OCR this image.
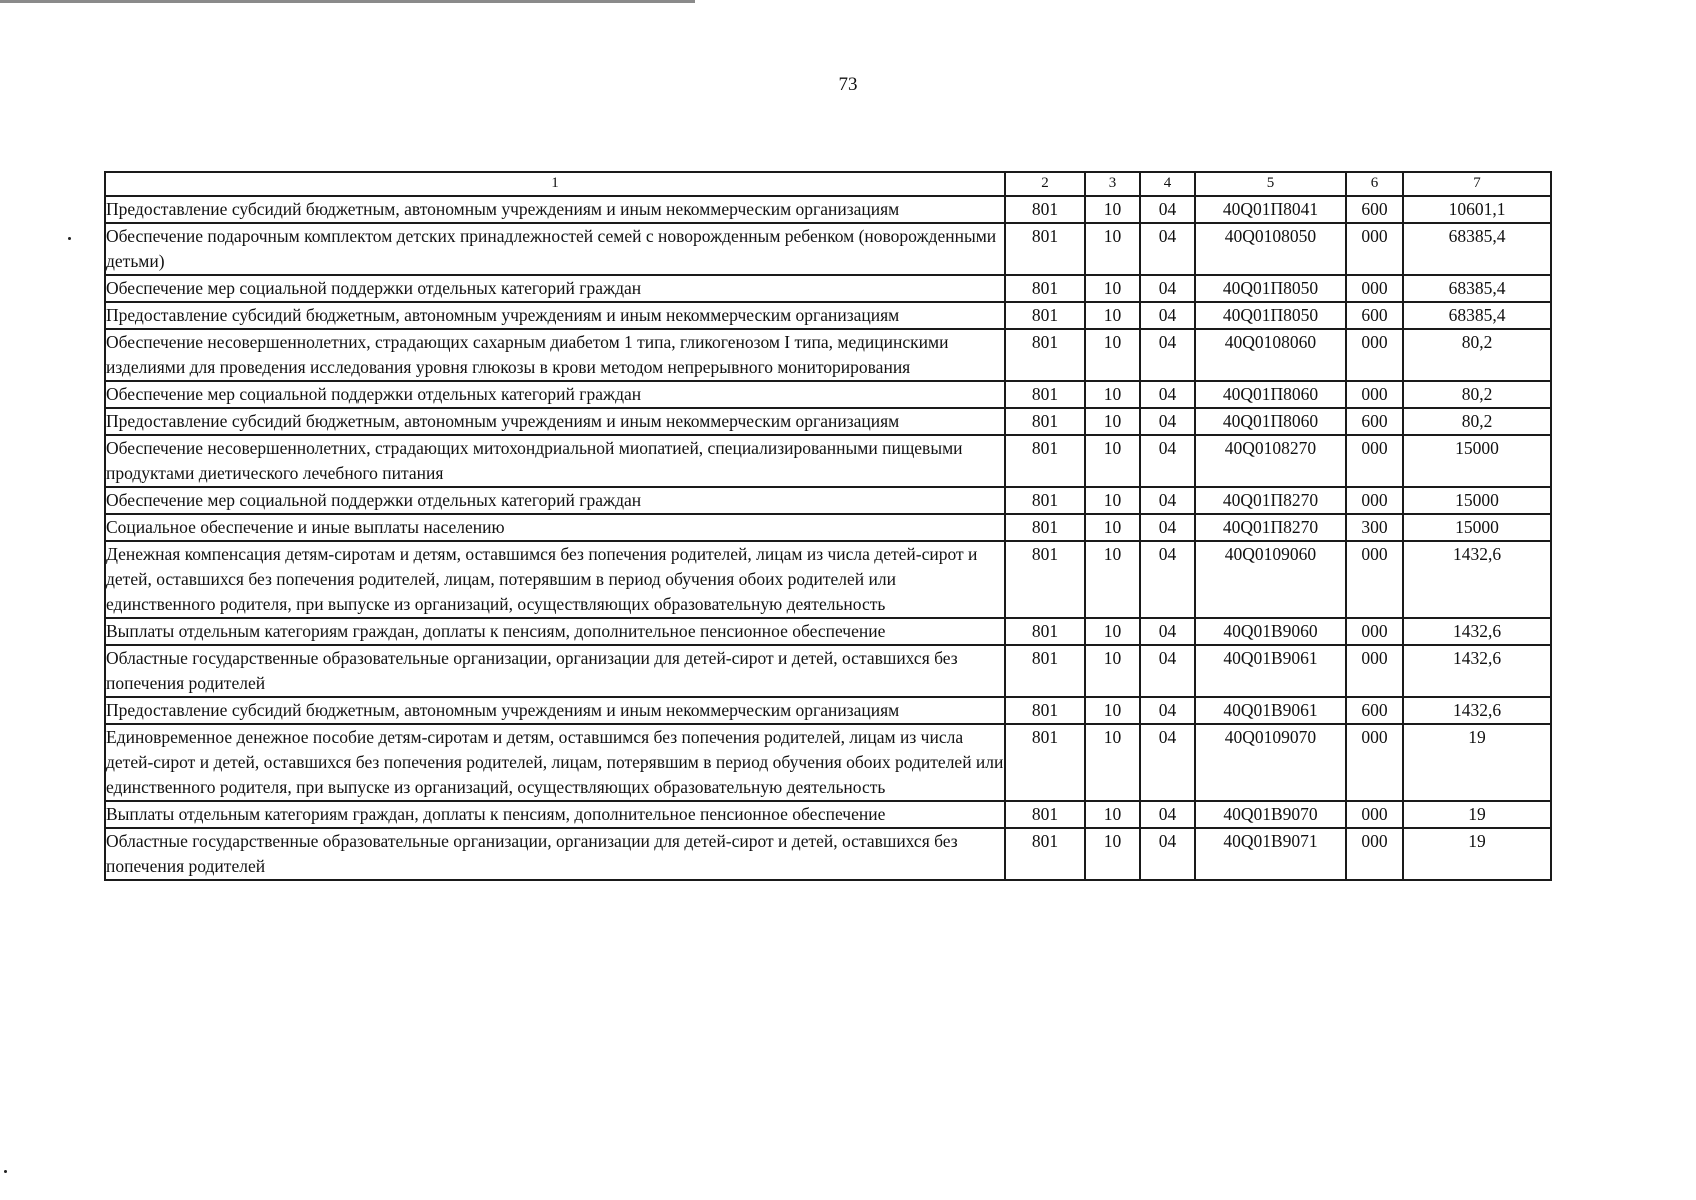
73
1	2	3	4	5	6	7
Предоставление субсидий бюджетным, автономным учреждениям и иным некоммерческим организациям	801	10	04	40Q01П8041	600	10601,1
Обеспечение подарочным комплектом детских принадлежностей семей с новорожденным ребенком (новорожденными детьми)	801	10	04	40Q0108050	000	68385,4
Обеспечение мер социальной поддержки отдельных категорий граждан	801	10	04	40Q01П8050	000	68385,4
Предоставление субсидий бюджетным, автономным учреждениям и иным некоммерческим организациям	801	10	04	40Q01П8050	600	68385,4
Обеспечение несовершеннолетних, страдающих сахарным диабетом 1 типа, гликогенозом I типа, медицинскими изделиями для проведения исследования уровня глюкозы в крови методом непрерывного мониторирования	801	10	04	40Q0108060	000	80,2
Обеспечение мер социальной поддержки отдельных категорий граждан	801	10	04	40Q01П8060	000	80,2
Предоставление субсидий бюджетным, автономным учреждениям и иным некоммерческим организациям	801	10	04	40Q01П8060	600	80,2
Обеспечение несовершеннолетних, страдающих митохондриальной миопатией, специализированными пищевыми продуктами диетического лечебного питания	801	10	04	40Q0108270	000	15000
Обеспечение мер социальной поддержки отдельных категорий граждан	801	10	04	40Q01П8270	000	15000
Социальное обеспечение и иные выплаты населению	801	10	04	40Q01П8270	300	15000
Денежная компенсация детям-сиротам и детям, оставшимся без попечения родителей, лицам из числа детей-сирот и детей, оставшихся без попечения родителей, лицам, потерявшим в период обучения обоих родителей или единственного родителя, при выпуске из организаций, осуществляющих образовательную деятельность	801	10	04	40Q0109060	000	1432,6
Выплаты отдельным категориям граждан, доплаты к пенсиям, дополнительное пенсионное обеспечение	801	10	04	40Q01B9060	000	1432,6
Областные государственные образовательные организации, организации для детей-сирот и детей, оставшихся без попечения родителей	801	10	04	40Q01B9061	000	1432,6
Предоставление субсидий бюджетным, автономным учреждениям и иным некоммерческим организациям	801	10	04	40Q01B9061	600	1432,6
Единовременное денежное пособие детям-сиротам и детям, оставшимся без попечения родителей, лицам из числа детей-сирот и детей, оставшихся без попечения родителей, лицам, потерявшим в период обучения обоих родителей или единственного родителя, при выпуске из организаций, осуществляющих образовательную деятельность	801	10	04	40Q0109070	000	19
Выплаты отдельным категориям граждан, доплаты к пенсиям, дополнительное пенсионное обеспечение	801	10	04	40Q01B9070	000	19
Областные государственные образовательные организации, организации для детей-сирот и детей, оставшихся без попечения родителей	801	10	04	40Q01B9071	000	19
